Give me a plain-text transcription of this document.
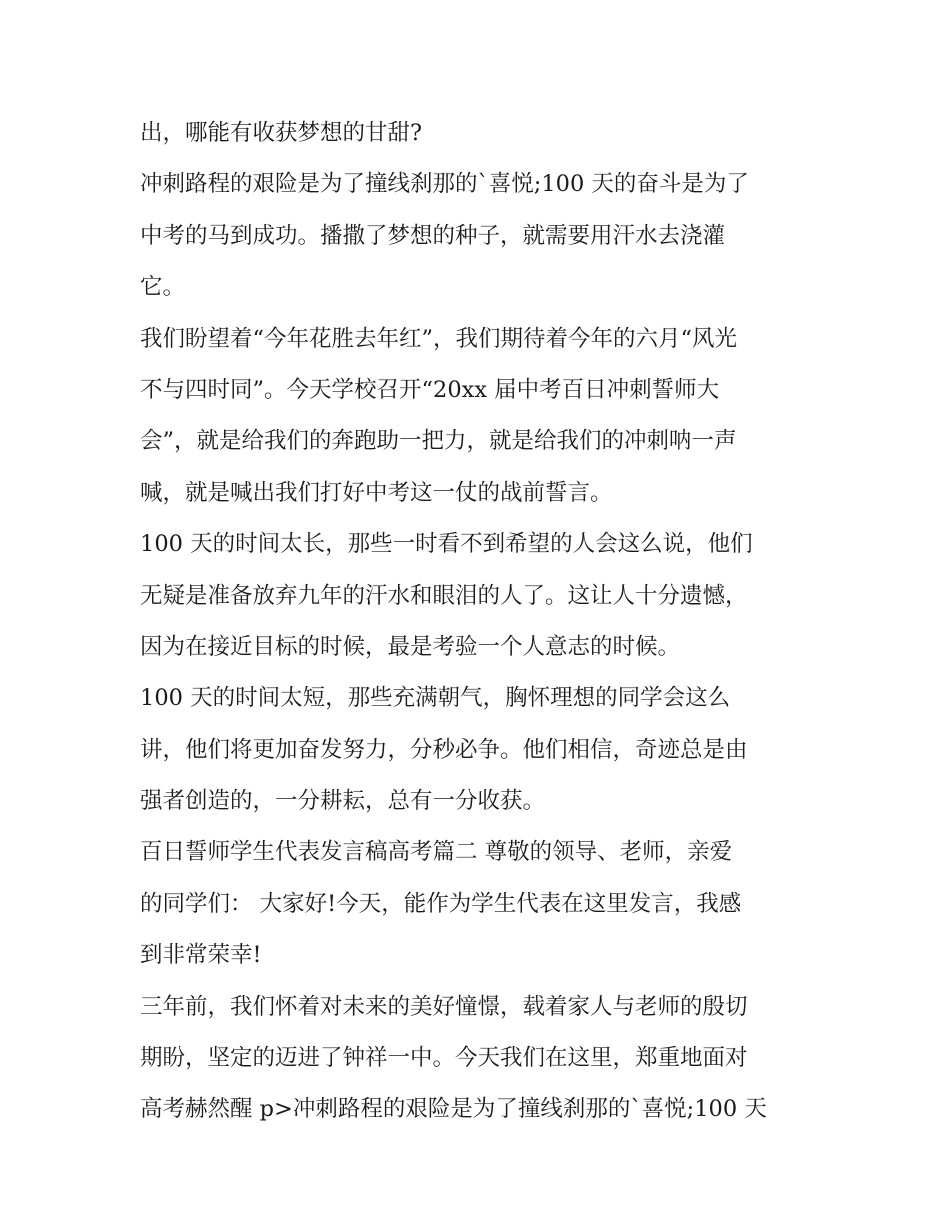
出，哪能有收获梦想的甘甜?
冲刺路程的艰险是为了撞线刹那的`喜悦;100 天的奋斗是为了
中考的马到成功。播撒了梦想的种子，就需要用汗水去浇灌
它。
我们盼望着“今年花胜去年红”，我们期待着今年的六月“风光
不与四时同”。今天学校召开“20xx 届中考百日冲刺誓师大
会”，就是给我们的奔跑助一把力，就是给我们的冲刺呐一声
喊，就是喊出我们打好中考这一仗的战前誓言。
100 天的时间太长，那些一时看不到希望的人会这么说，他们
无疑是准备放弃九年的汗水和眼泪的人了。这让人十分遗憾，
因为在接近目标的时候，最是考验一个人意志的时候。
100 天的时间太短，那些充满朝气，胸怀理想的同学会这么
讲，他们将更加奋发努力，分秒必争。他们相信，奇迹总是由
强者创造的，一分耕耘，总有一分收获。
百日誓师学生代表发言稿高考篇二 尊敬的领导、老师，亲爱
的同学们： 大家好!今天，能作为学生代表在这里发言，我感
到非常荣幸!
三年前，我们怀着对未来的美好憧憬，载着家人与老师的殷切
期盼，坚定的迈进了钟祥一中。今天我们在这里，郑重地面对
高考赫然醒 p>冲刺路程的艰险是为了撞线刹那的`喜悦;100 天
